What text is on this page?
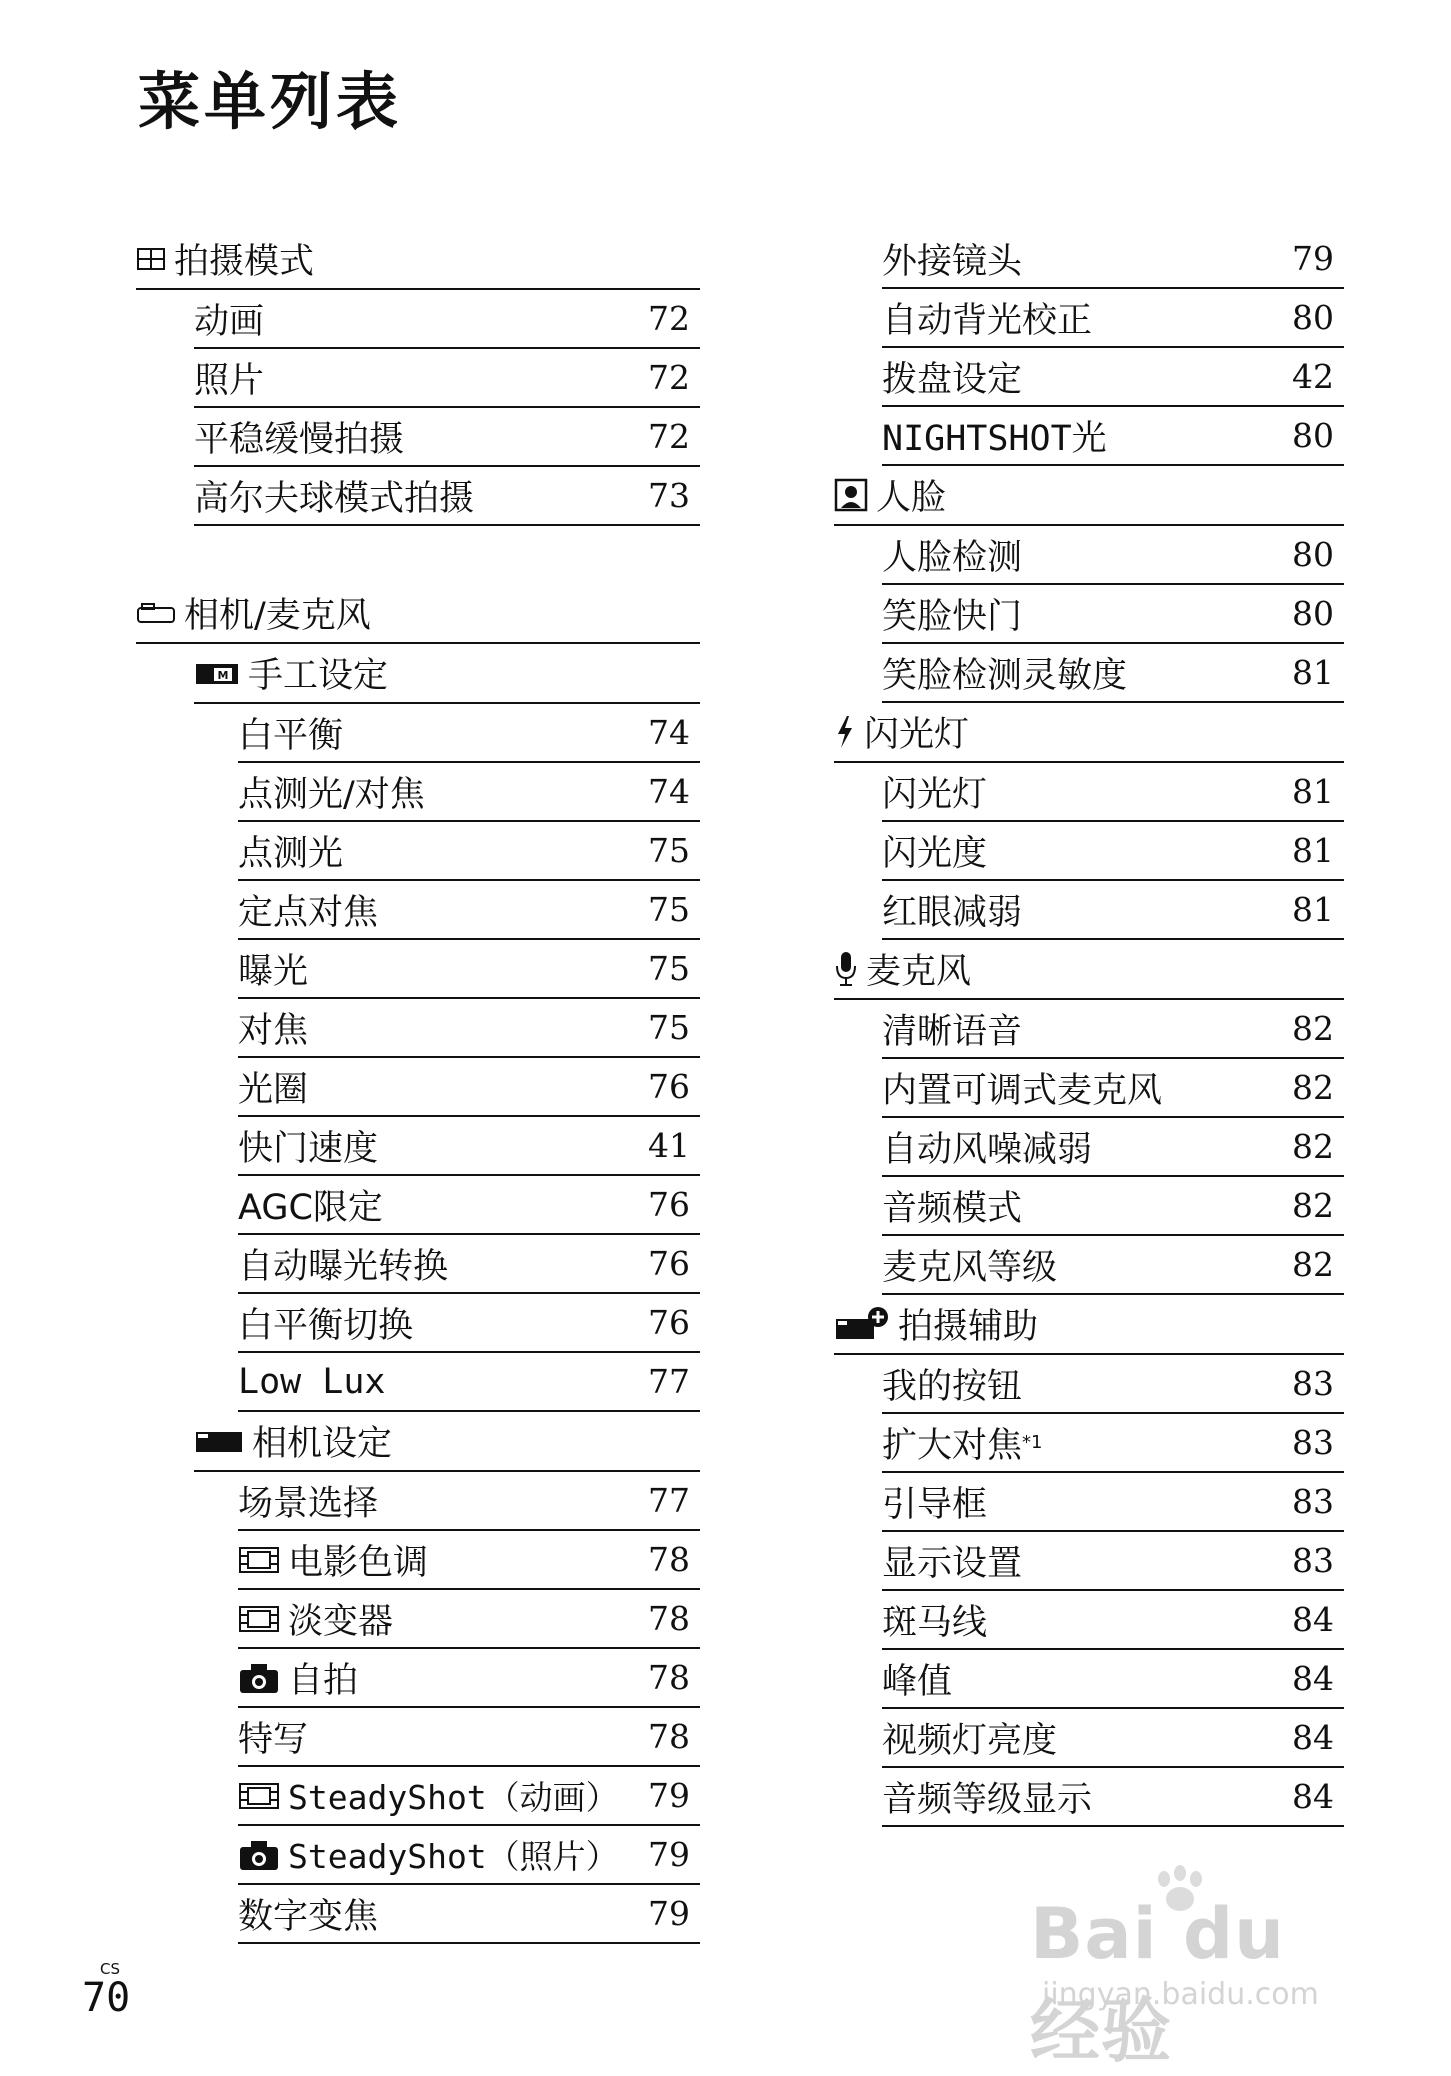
菜单列表
拍摄模式
动画	72
照片	72
平稳缓慢拍摄	72
高尔夫球模式拍摄	73
相机/麦克风
M 手工设定
白平衡	74
点测光/对焦	74
点测光	75
定点对焦	75
曝光	75
对焦	75
光圈	76
快门速度	41
AGC限定	76
自动曝光转换	76
白平衡切换	76
Low Lux	77
相机设定
场景选择	77
电影色调	78
淡变器	78
自拍	78
特写	78
SteadyShot（动画） 79
SteadyShot（照片） 79
数字变焦	79
外接镜头	79
自动背光校正	80
拨盘设定	42
NIGHTSHOT光	80
人脸
人脸检测	80
笑脸快门	80
笑脸检测灵敏度	81
闪光灯
闪光灯	81
闪光度	81
红眼减弱	81
麦克风
清晰语音	82
内置可调式麦克风	82
自动风噪减弱	82
音频模式	82
麦克风等级	82
拍摄辅助
我的按钮	83
扩大对焦 *1	83
引导框	83
显示设置	83
斑马线	84
峰值	84
视频灯亮度	84
音频等级显示	84
CS
70
Bai du 经验
jingyan.baidu.com
